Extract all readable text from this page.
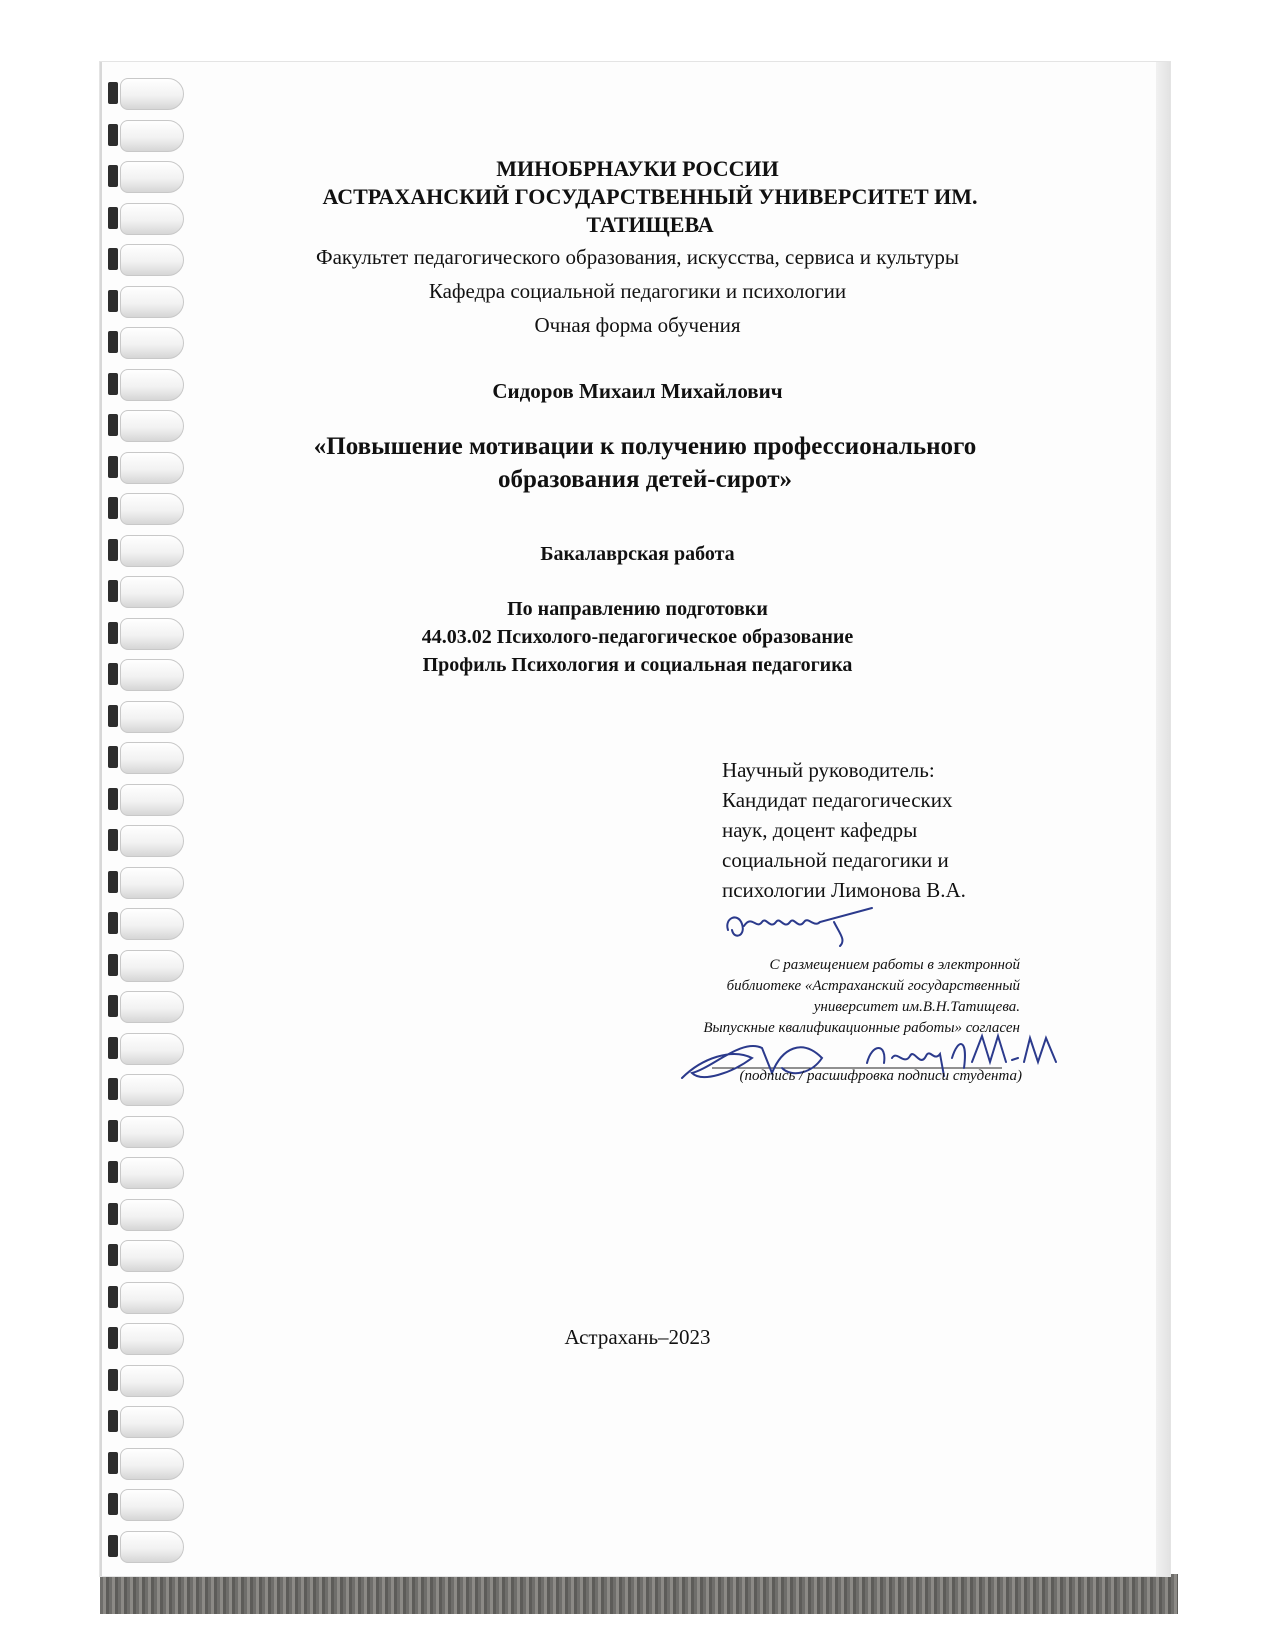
МИНОБРНАУКИ РОССИИ
АСТРАХАНСКИЙ ГОСУДАРСТВЕННЫЙ УНИВЕРСИТЕТ ИМ. ТАТИЩЕВА
Факультет педагогического образования, искусства, сервиса и культуры
Кафедра социальной педагогики и психологии
Очная форма обучения
Сидоров Михаил Михайлович
«Повышение мотивации к получению профессионального образования детей-сирот»
Бакалаврская работа
По направлению подготовки
44.03.02 Психолого-педагогическое образование
Профиль Психология и социальная педагогика
Научный руководитель:
Кандидат педагогических
наук, доцент кафедры
социальной педагогики и
психологии Лимонова В.А.
С размещением работы в электронной
библиотеке «Астраханский государственный
университет им.В.Н.Татищева.
Выпускные квалификационные работы» согласен
(подпись / расшифровка подписи студента)
Астрахань–2023
